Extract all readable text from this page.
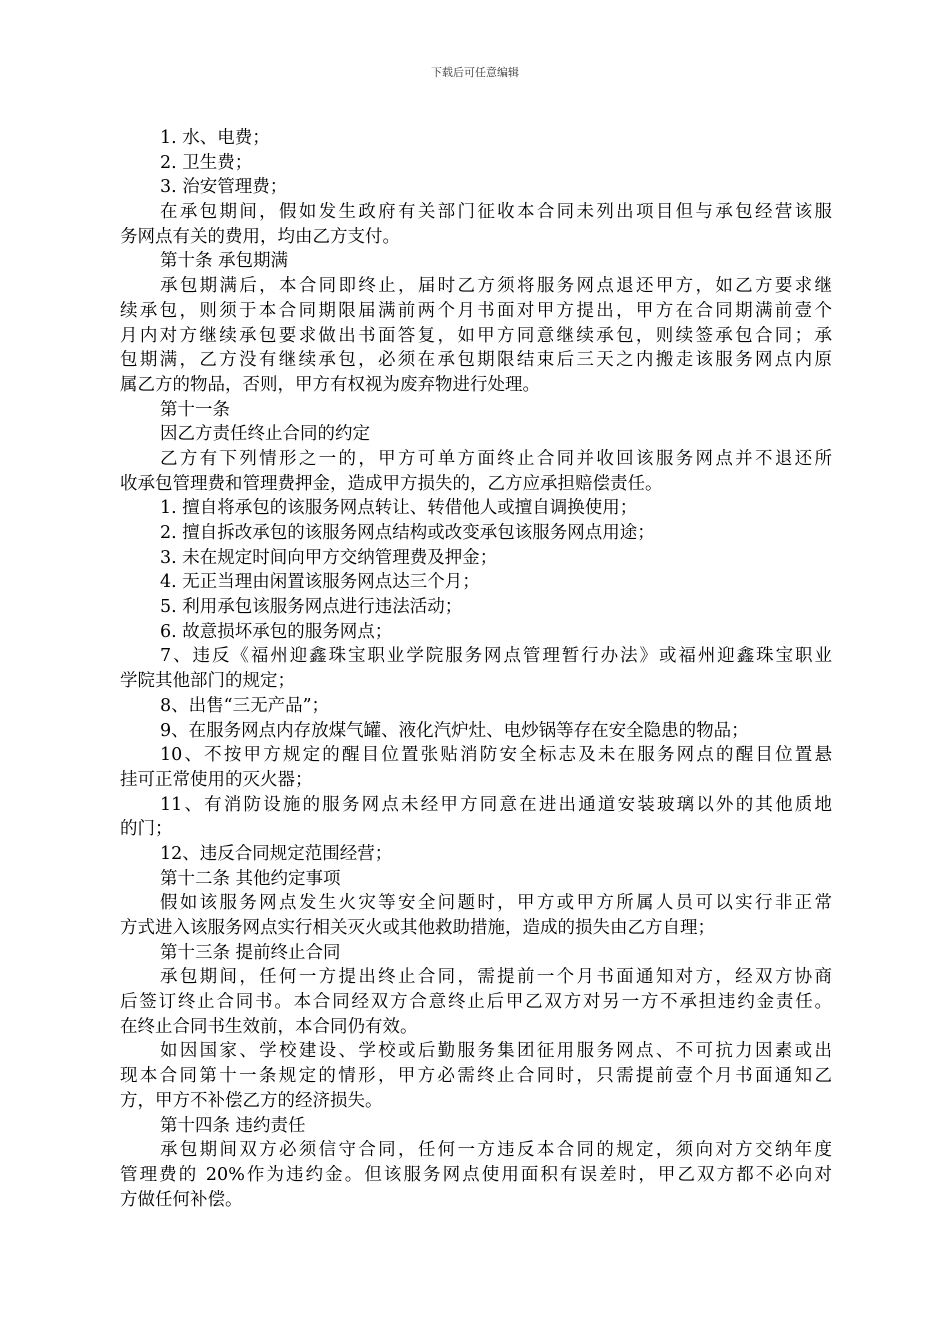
下载后可任意编辑
1. 水、电费；
2. 卫生费；
3. 治安管理费；
在承包期间，假如发生政府有关部门征收本合同未列出项目但与承包经营该服
务网点有关的费用，均由乙方支付。
第十条 承包期满
承包期满后，本合同即终止，届时乙方须将服务网点退还甲方，如乙方要求继
续承包，则须于本合同期限届满前两个月书面对甲方提出，甲方在合同期满前壹个
月内对方继续承包要求做出书面答复，如甲方同意继续承包，则续签承包合同；承
包期满，乙方没有继续承包，必须在承包期限结束后三天之内搬走该服务网点内原
属乙方的物品，否则，甲方有权视为废弃物进行处理。
第十一条
因乙方责任终止合同的约定
乙方有下列情形之一的，甲方可单方面终止合同并收回该服务网点并不退还所
收承包管理费和管理费押金，造成甲方损失的，乙方应承担赔偿责任。
1. 擅自将承包的该服务网点转让、转借他人或擅自调换使用；
2. 擅自拆改承包的该服务网点结构或改变承包该服务网点用途；
3. 未在规定时间向甲方交纳管理费及押金；
4. 无正当理由闲置该服务网点达三个月；
5. 利用承包该服务网点进行违法活动；
6. 故意损坏承包的服务网点；
7、违反《福州迎鑫珠宝职业学院服务网点管理暂行办法》或福州迎鑫珠宝职业
学院其他部门的规定；
8、出售“三无产品”；
9、在服务网点内存放煤气罐、液化汽炉灶、电炒锅等存在安全隐患的物品；
10、不按甲方规定的醒目位置张贴消防安全标志及未在服务网点的醒目位置悬
挂可正常使用的灭火器；
11、有消防设施的服务网点未经甲方同意在进出通道安装玻璃以外的其他质地
的门；
12、违反合同规定范围经营；
第十二条 其他约定事项
假如该服务网点发生火灾等安全问题时，甲方或甲方所属人员可以实行非正常
方式进入该服务网点实行相关灭火或其他救助措施，造成的损失由乙方自理；
第十三条 提前终止合同
承包期间，任何一方提出终止合同，需提前一个月书面通知对方，经双方协商
后签订终止合同书。本合同经双方合意终止后甲乙双方对另一方不承担违约金责任。
在终止合同书生效前，本合同仍有效。
如因国家、学校建设、学校或后勤服务集团征用服务网点、不可抗力因素或出
现本合同第十一条规定的情形，甲方必需终止合同时，只需提前壹个月书面通知乙
方，甲方不补偿乙方的经济损失。
第十四条 违约责任
承包期间双方必须信守合同，任何一方违反本合同的规定，须向对方交纳年度
管理费的 20%作为违约金。但该服务网点使用面积有误差时，甲乙双方都不必向对
方做任何补偿。
